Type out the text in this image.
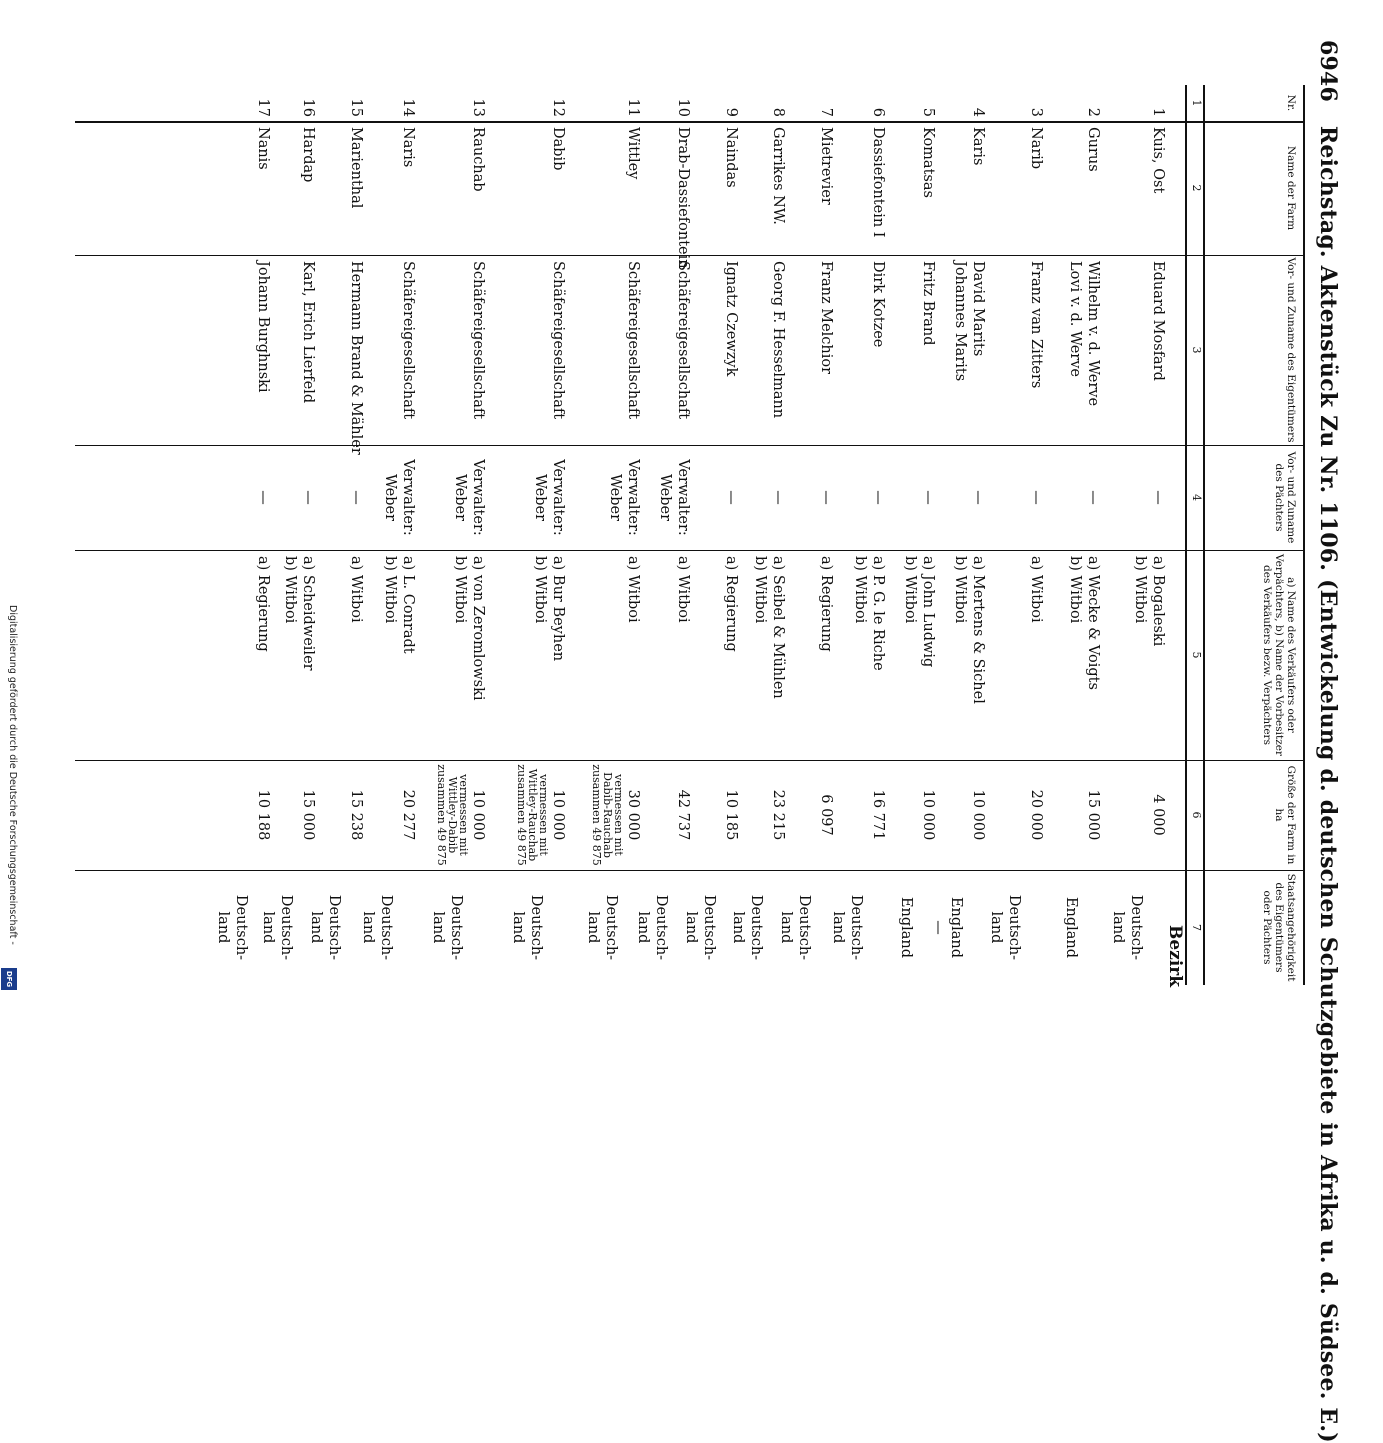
6946 Reichstag. Aktenstück Zu Nr. 1106. (Entwickelung d. deutschen Schutzgebiete in Afrika u. d. Südsee. E.)
Nr.
1
Name der Farm
2
Vor- und Zuname des Eigentümers
3
Vor- und Zuname des Pächters
4
a) Name des Verkäufers oder Verpächters, b) Name der Vorbesitzer des Verkäufers bezw. Verpächters
5
Größe der Farm in ha
6
Staatsangehörigkeit des Eigentümers oder Pächters
7
Bezirk
1
Kuis, Ost
Eduard Mosfard
—
a) Bogaleski
b) Witboi
4 000
Deutsch-
land
2
Gurus
Wilhelm v. d. Werve
Lovi v. d. Werve
—
a) Wecke & Voigts
b) Witboi
15 000
England
3
Narib
Franz van Zitters
—
a) Witboi
20 000
Deutsch-
land
4
Karis
David Marits
Johannes Marits
—
a) Mertens & Sichel
b) Witboi
10 000
England
—
5
Komatsas
Fritz Brand
—
a) John Ludwig
b) Witboi
10 000
England
6
Dassiefontein I
Dirk Kotzee
—
a) P. G. le Riche
b) Witboi
16 771
Deutsch-
land
7
Mietrevier
Franz Melchior
—
a) Regierung
6 097
Deutsch-
land
8
Garrikes NW.
Georg F. Hesselmann
—
a) Seibel & Mühlen
b) Witboi
23 215
Deutsch-
land
9
Naindas
Ignatz Czewzyk
—
a) Regierung
10 185
Deutsch-
land
10
Drab-Dassiefontein
Schäfereigesellschaft
Verwalter:
Weber
a) Witboi
42 737
Deutsch-
land
11
Wittley
Schäfereigesellschaft
Verwalter:
Weber
a) Witboi
30 000
vermessen mit Dabib-Rauchab zusammen 49 875
Deutsch-
land
12
Dabib
Schäfereigesellschaft
Verwalter:
Weber
a) Bur Beyhen
b) Witboi
10 000
vermessen mit Wittley-Rauchab zusammen 49 875
Deutsch-
land
13
Rauchab
Schäfereigesellschaft
Verwalter:
Weber
a) von Zeromlowski
b) Witboi
10 000
vermessen mit Wittley-Dabib zusammen 49 875
Deutsch-
land
14
Naris
Schäfereigesellschaft
Verwalter:
Weber
a) L. Conradt
b) Witboi
20 277
Deutsch-
land
15
Marienthal
Hermann Brand & Mähler
—
a) Witboi
15 238
Deutsch-
land
16
Hardap
Karl, Erich Lierfeld
—
a) Scheidweiler
b) Witboi
15 000
Deutsch-
land
17
Nanis
Johann Burghnski
—
a) Regierung
10 188
Deutsch-
land
Digitalisierung gefördert durch die Deutsche Forschungsgemeinschaft -
DFG
